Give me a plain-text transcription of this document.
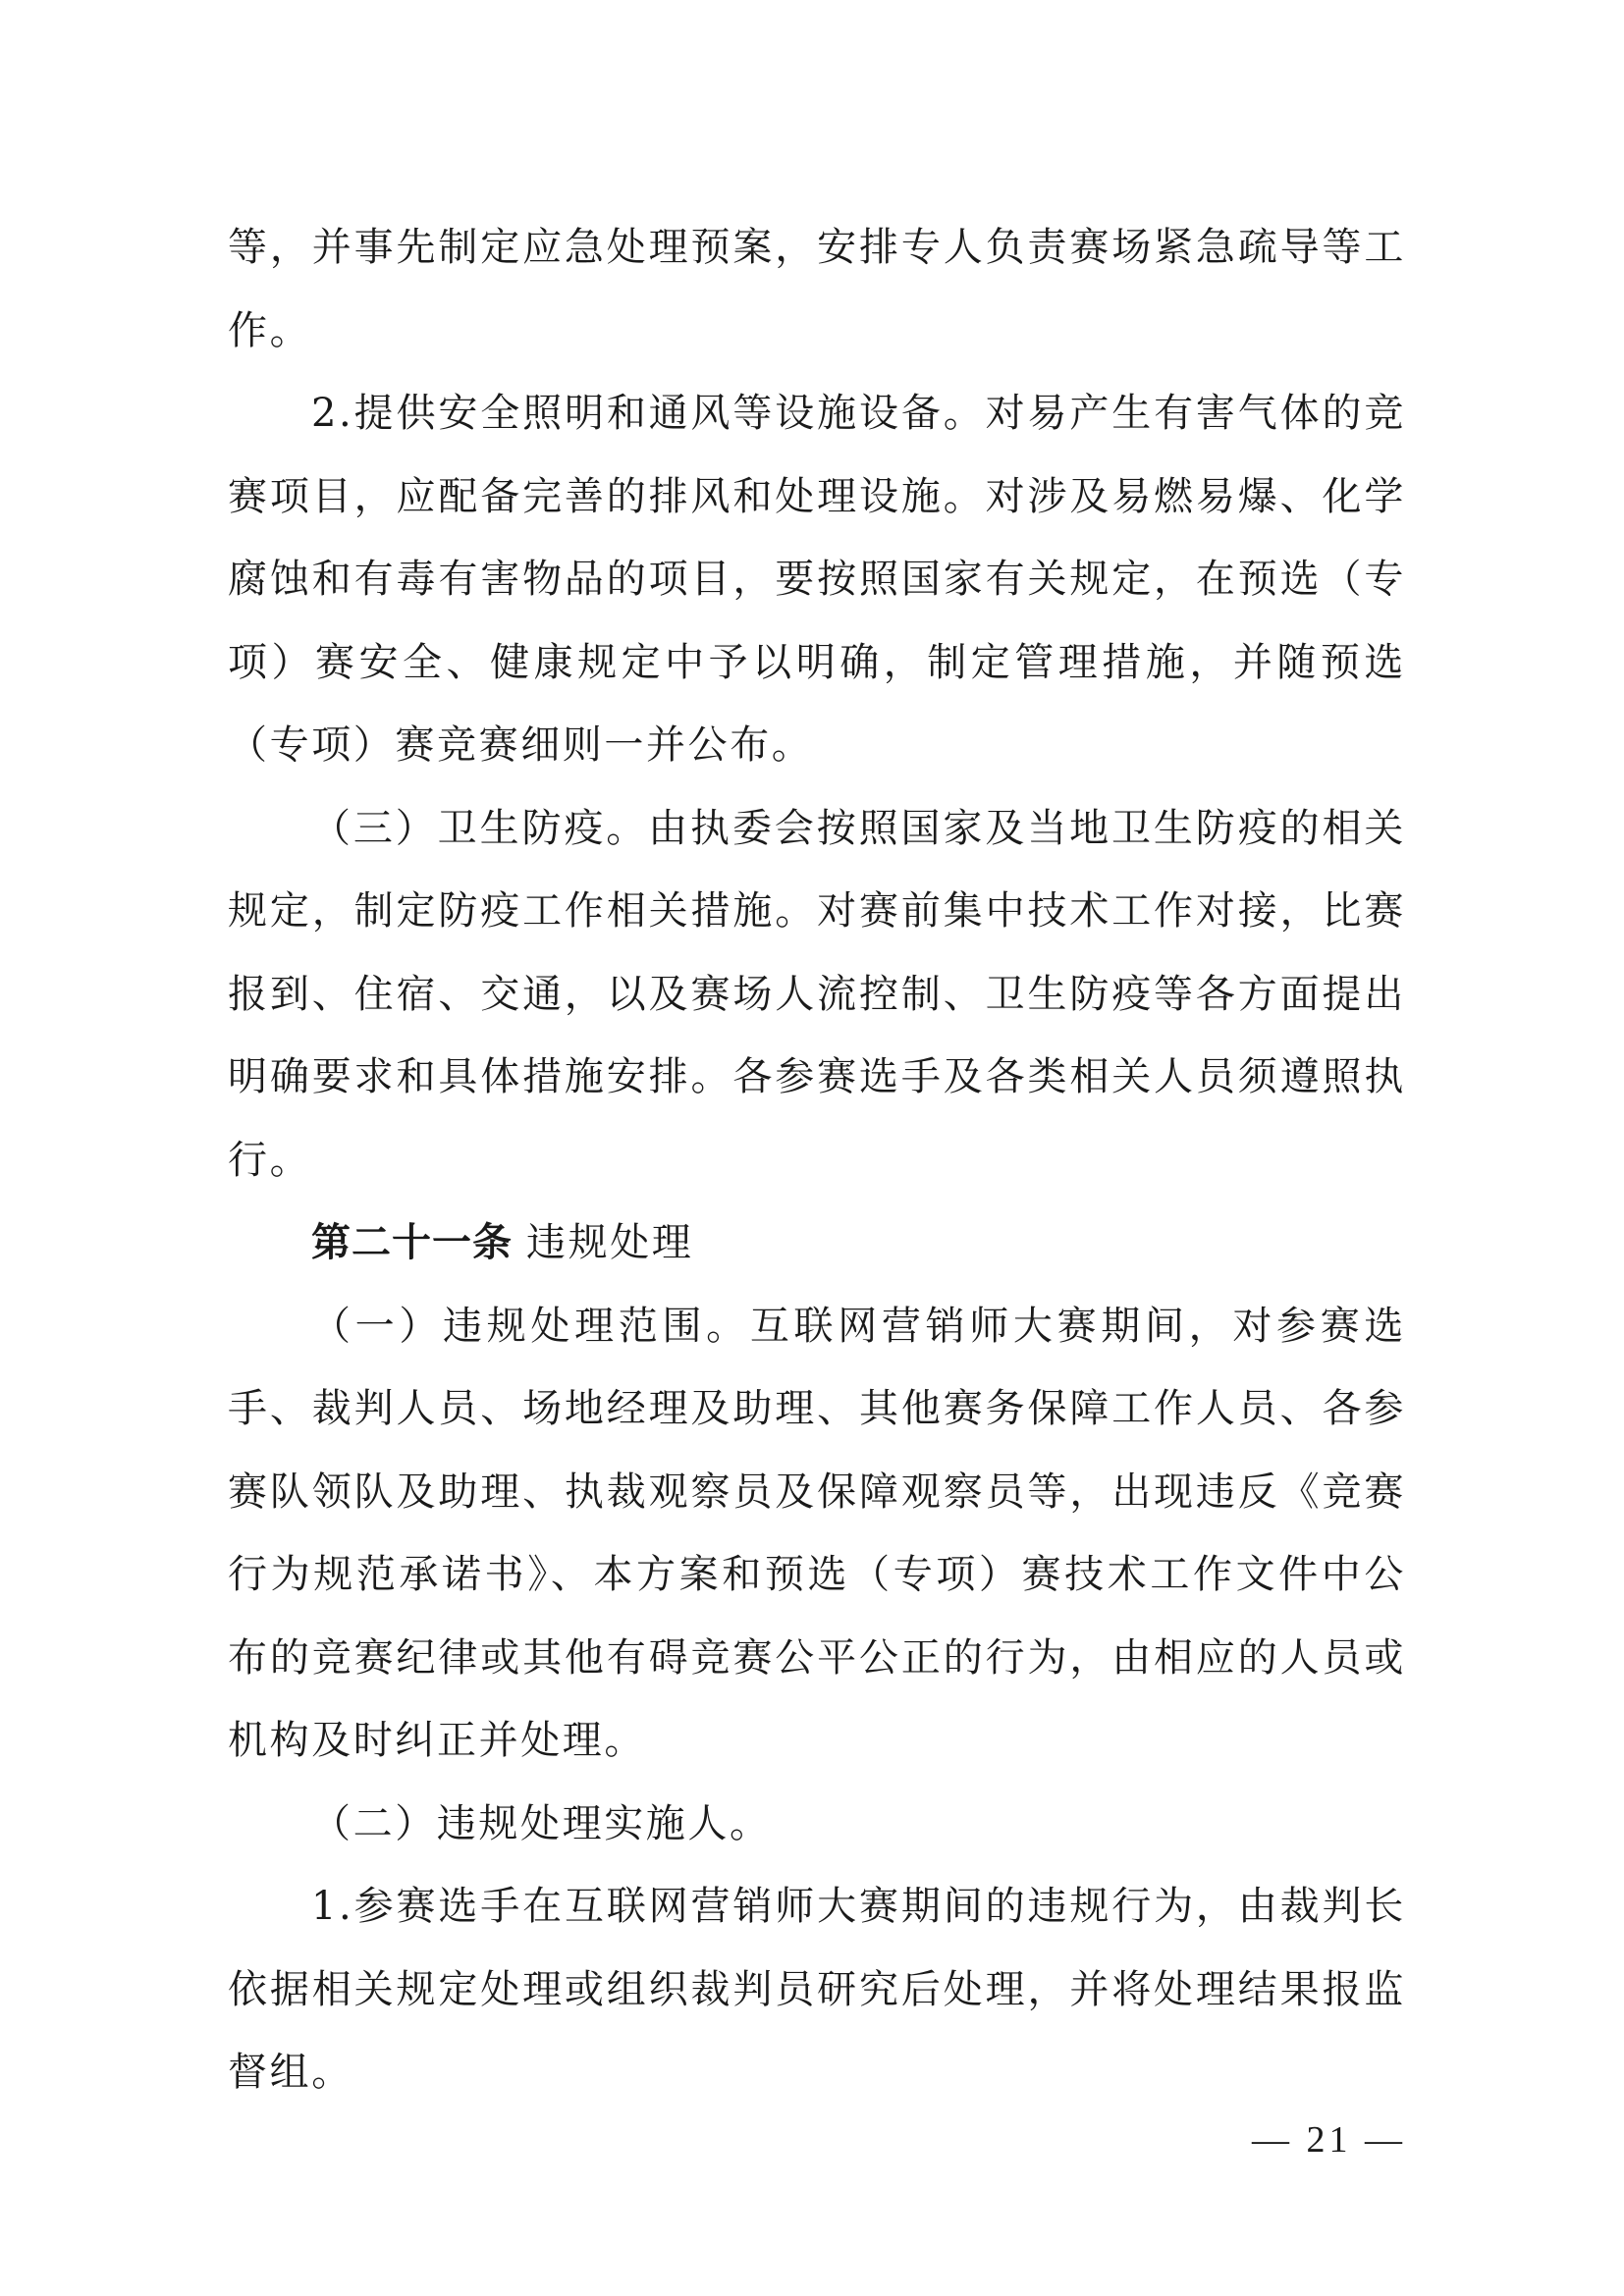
等，并事先制定应急处理预案，安排专人负责赛场紧急疏导等工作。

2.提供安全照明和通风等设施设备。对易产生有害气体的竞赛项目，应配备完善的排风和处理设施。对涉及易燃易爆、化学腐蚀和有毒有害物品的项目，要按照国家有关规定，在预选（专项）赛安全、健康规定中予以明确，制定管理措施，并随预选（专项）赛竞赛细则一并公布。

（三）卫生防疫。由执委会按照国家及当地卫生防疫的相关规定，制定防疫工作相关措施。对赛前集中技术工作对接，比赛报到、住宿、交通，以及赛场人流控制、卫生防疫等各方面提出明确要求和具体措施安排。各参赛选手及各类相关人员须遵照执行。

第二十一条 违规处理

（一）违规处理范围。互联网营销师大赛期间，对参赛选手、裁判人员、场地经理及助理、其他赛务保障工作人员、各参赛队领队及助理、执裁观察员及保障观察员等，出现违反《竞赛行为规范承诺书》、本方案和预选（专项）赛技术工作文件中公布的竞赛纪律或其他有碍竞赛公平公正的行为，由相应的人员或机构及时纠正并处理。

（二）违规处理实施人。

1.参赛选手在互联网营销师大赛期间的违规行为，由裁判长依据相关规定处理或组织裁判员研究后处理，并将处理结果报监督组。

— 21 —
